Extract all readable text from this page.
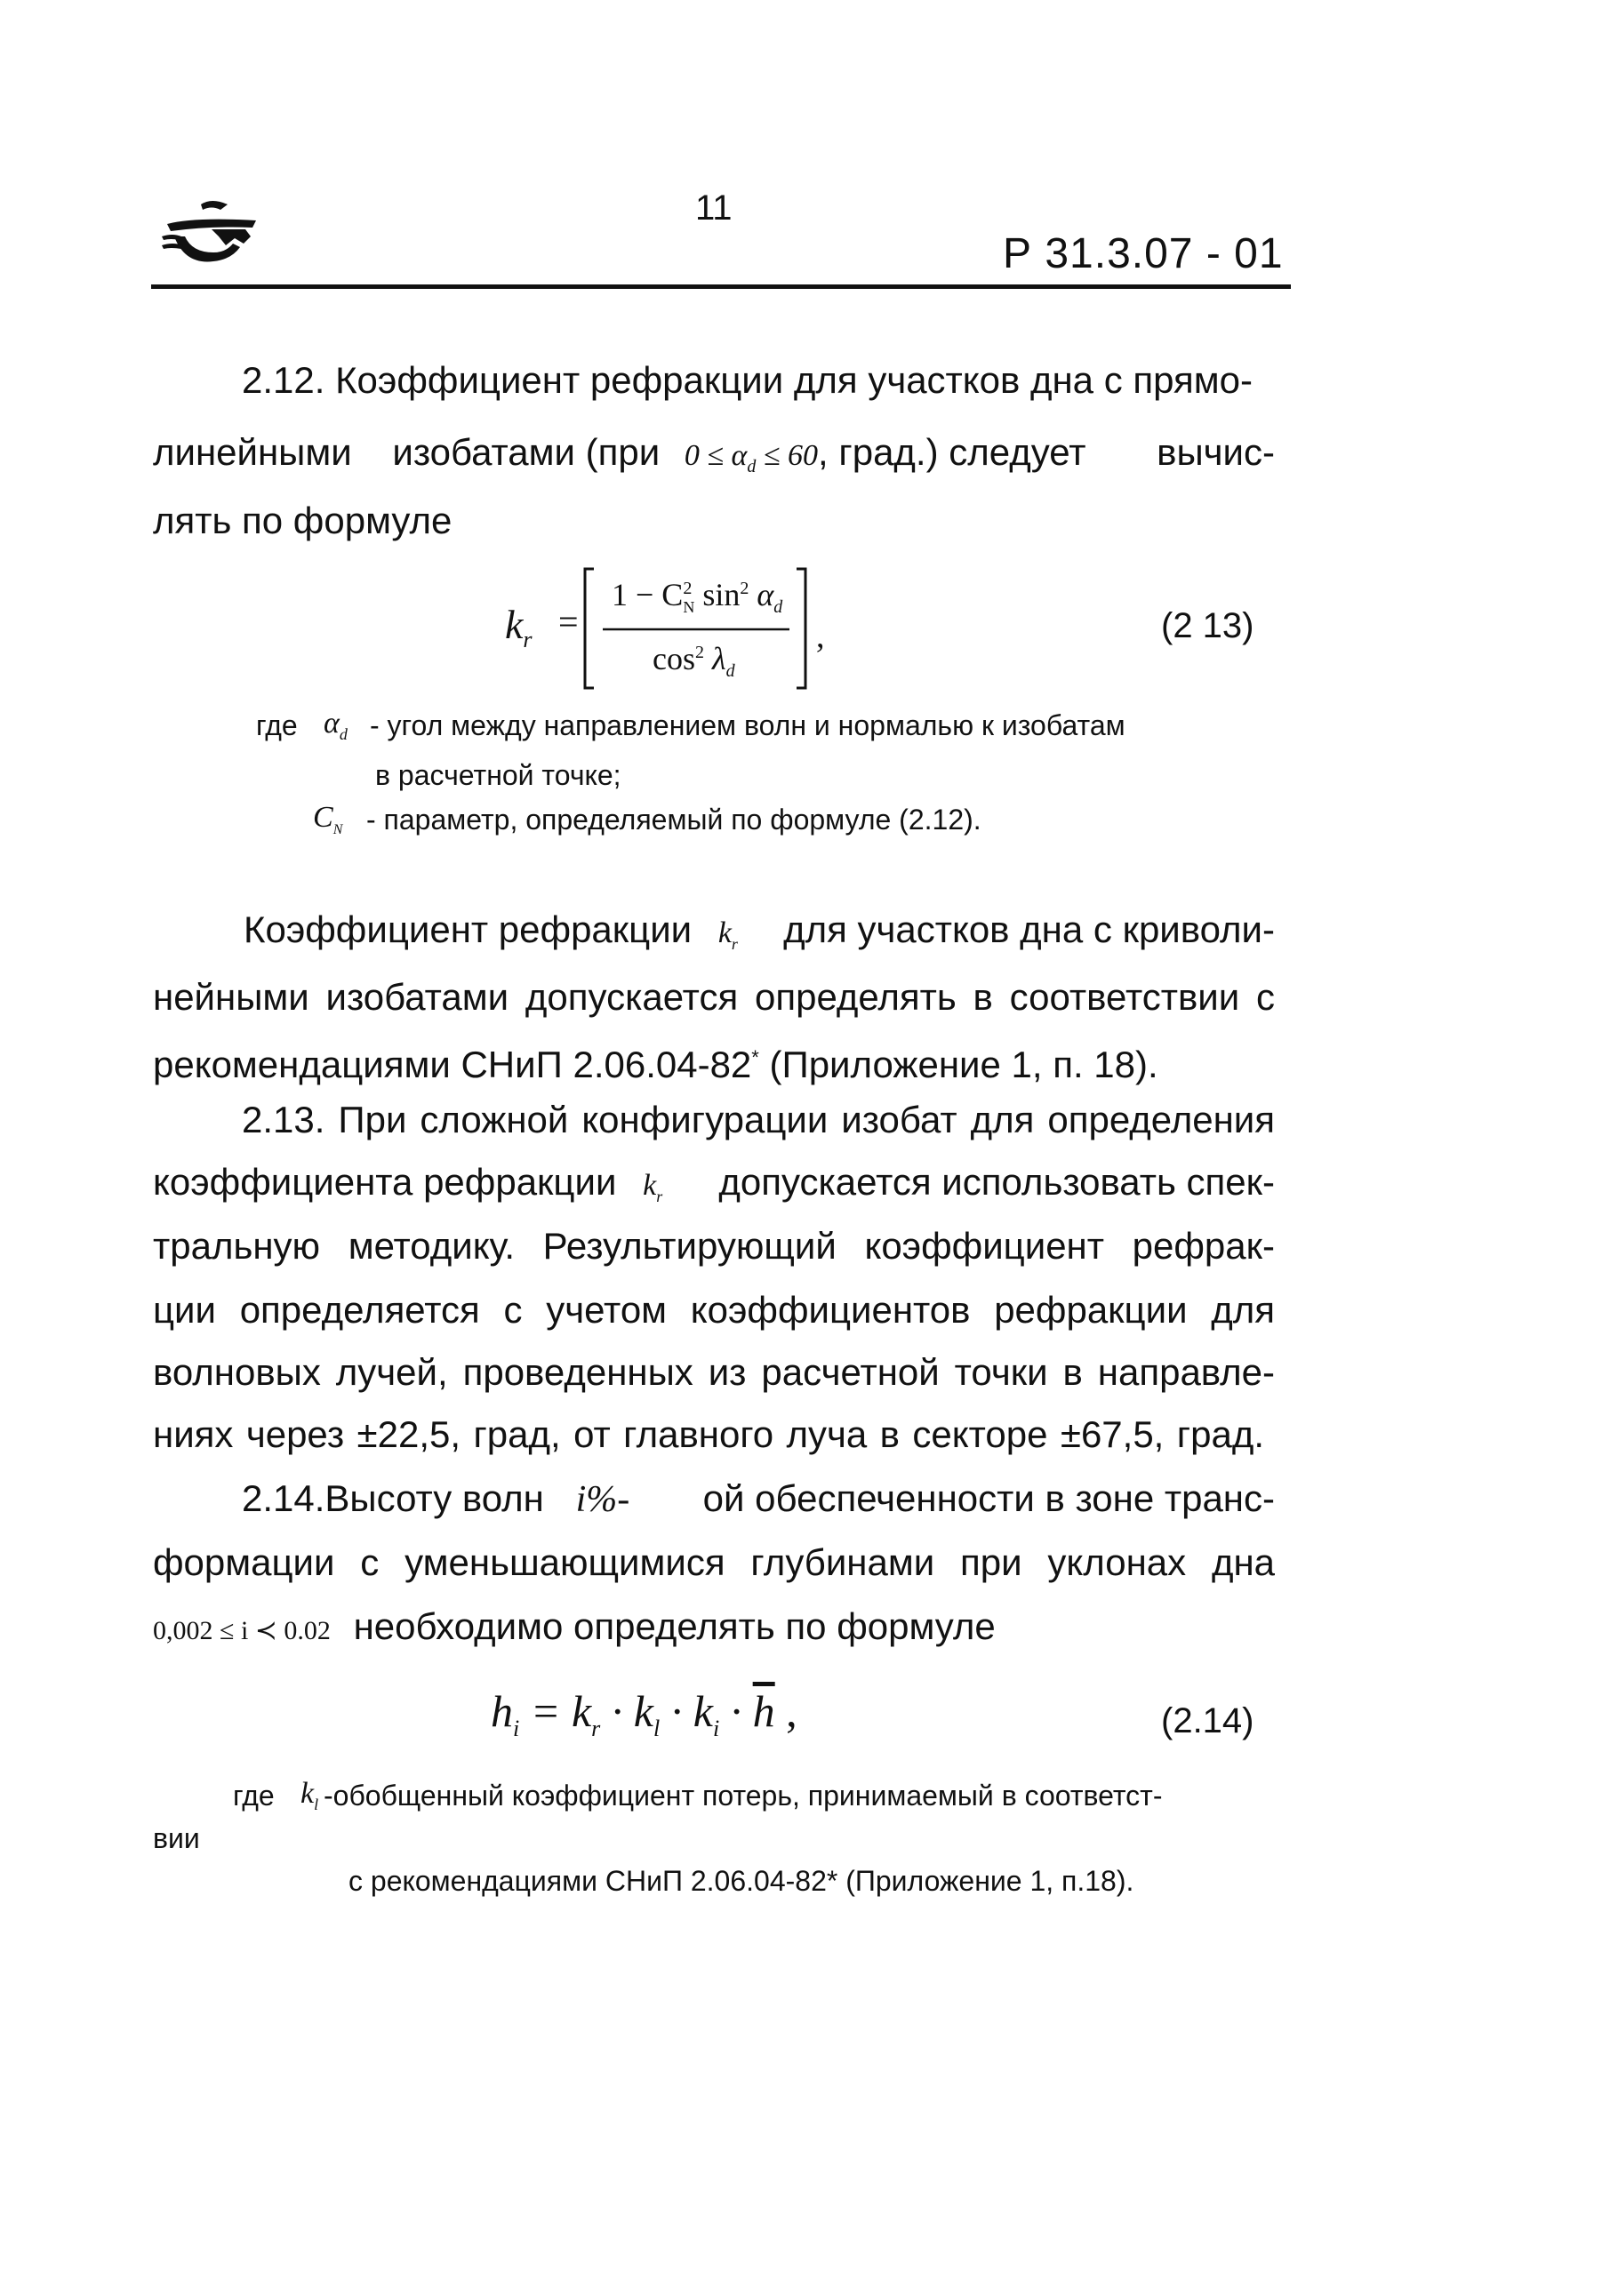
11
Р 31.3.07 - 01
2.12. Коэффициент рефракции для участков дна с прямо-
линейными изобатами (при $0 \le \alpha_d \le 60$, град.) следует вычис-
лять по формуле
$k_r$ =
$1 - C^2_N$ $\sin^2 \alpha_d$
$\cos^2 \lambda_d$
,	(2 13)
где $\alpha_d$ - угол между направлением волн и нормалью к изобатам
в расчетной точке;
$C_N$ - параметр, определяемый по формуле (2.12).
Коэффициент рефракции $k_r$ для участков дна с криволи-
нейными изобатами допускается определять в соответствии с
рекомендациями СНиП 2.06.04-82* (Приложение 1, п. 18).
2.13. При сложной конфигурации изобат для определения
коэффициента рефракции $k_r$ допускается использовать спек-
тральную методику. Результирующий коэффициент рефрак-
ции определяется с учетом коэффициентов рефракции для
волновых лучей, проведенных из расчетной точки в направле-
ниях через ±22,5, град, от главного луча в секторе ±67,5, град.
2.14.Высоту волн i%- ой обеспеченности в зоне транс-
формации с уменьшающимися глубинами при уклонах дна
0,002 ≤ i ≺ 0.02 необходимо определять по формуле
$h_i = k_r \cdot k_l \cdot k_i \cdot \overline{h}$ ,	(2.14)
где $k_l$ -обобщенный коэффициент потерь, принимаемый в соответст-
вии
с рекомендациями СНиП 2.06.04-82* (Приложение 1, п.18).
